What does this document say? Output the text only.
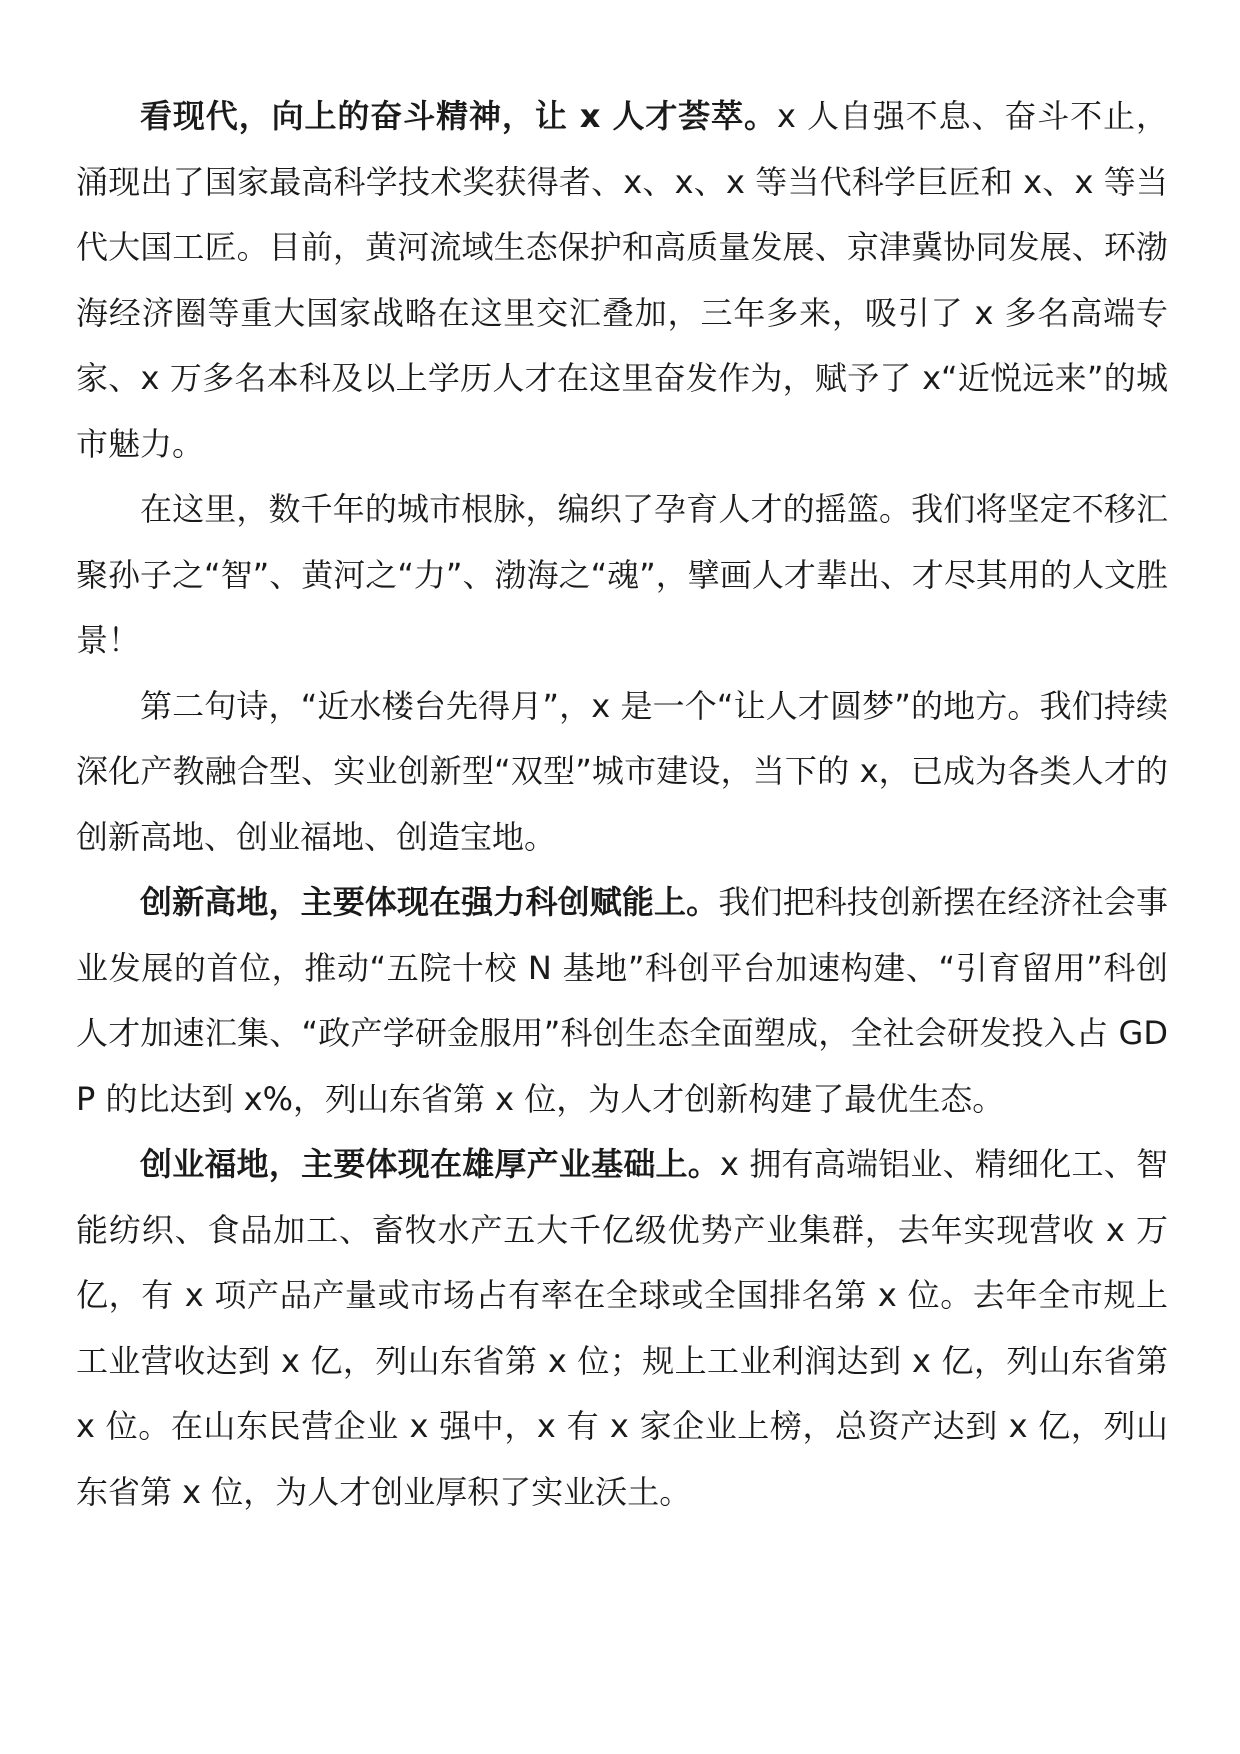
看现代，向上的奋斗精神，让 x 人才荟萃。x 人自强不息、奋斗不止，涌现出了国家最高科学技术奖获得者、x、x、x 等当代科学巨匠和 x、x 等当代大国工匠。目前，黄河流域生态保护和高质量发展、京津冀协同发展、环渤海经济圈等重大国家战略在这里交汇叠加，三年多来，吸引了 x 多名高端专家、x 万多名本科及以上学历人才在这里奋发作为，赋予了 x“近悦远来”的城市魅力。

在这里，数千年的城市根脉，编织了孕育人才的摇篮。我们将坚定不移汇聚孙子之“智”、黄河之“力”、渤海之“魂”，擘画人才辈出、才尽其用的人文胜景！

第二句诗，“近水楼台先得月”，x 是一个“让人才圆梦”的地方。我们持续深化产教融合型、实业创新型“双型”城市建设，当下的 x，已成为各类人才的创新高地、创业福地、创造宝地。

创新高地，主要体现在强力科创赋能上。我们把科技创新摆在经济社会事业发展的首位，推动“五院十校 N 基地”科创平台加速构建、“引育留用”科创人才加速汇集、“政产学研金服用”科创生态全面塑成，全社会研发投入占 GDP 的比达到 x%，列山东省第 x 位，为人才创新构建了最优生态。

创业福地，主要体现在雄厚产业基础上。x 拥有高端铝业、精细化工、智能纺织、食品加工、畜牧水产五大千亿级优势产业集群，去年实现营收 x 万亿，有 x 项产品产量或市场占有率在全球或全国排名第 x 位。去年全市规上工业营收达到 x 亿，列山东省第 x 位；规上工业利润达到 x 亿，列山东省第 x 位。在山东民营企业 x 强中，x 有 x 家企业上榜，总资产达到 x 亿，列山东省第 x 位，为人才创业厚积了实业沃土。
